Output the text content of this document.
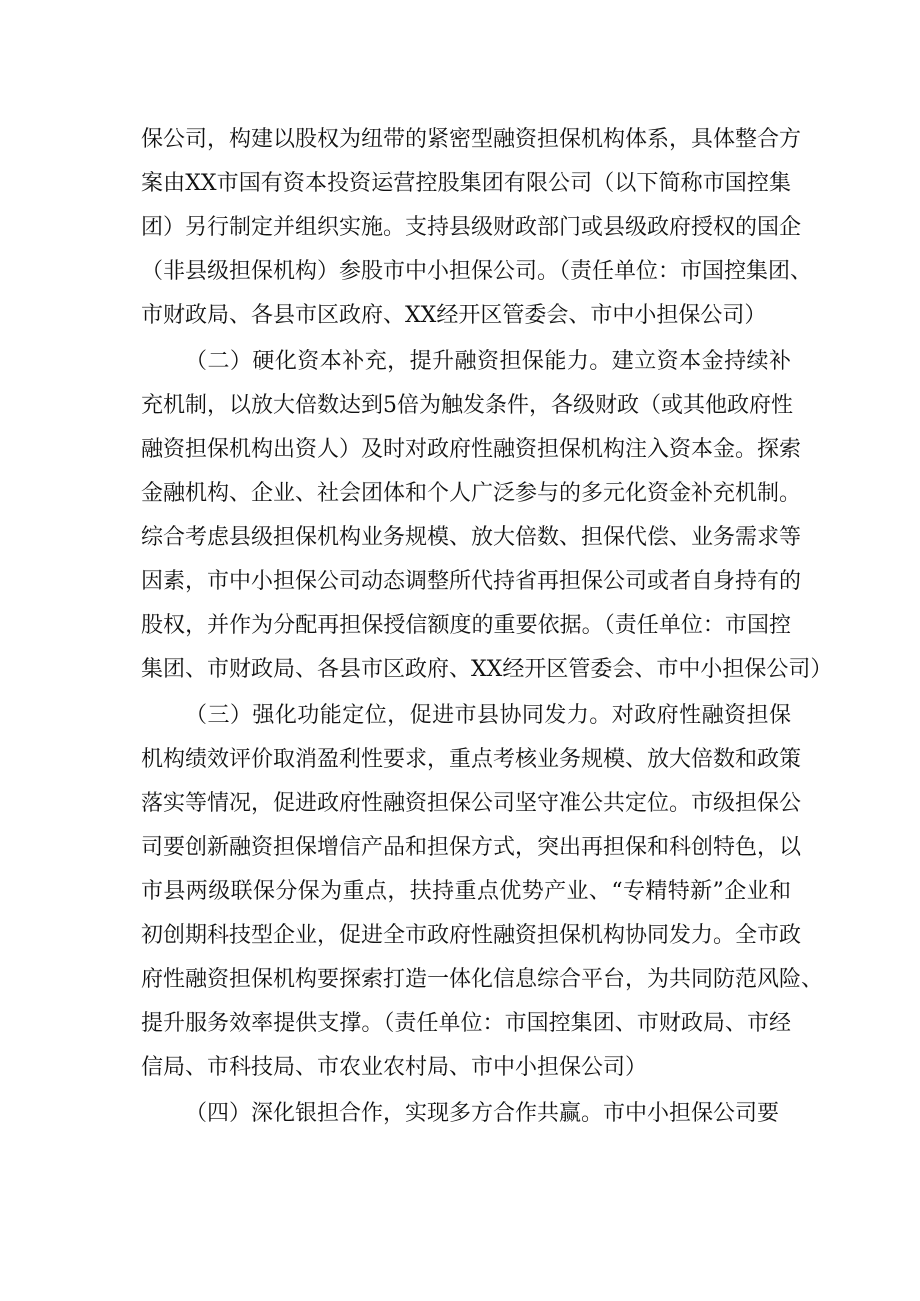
保公司，构建以股权为纽带的紧密型融资担保机构体系，具体整合方
案由XX市国有资本投资运营控股集团有限公司（以下简称市国控集
团）另行制定并组织实施。支持县级财政部门或县级政府授权的国企
（非县级担保机构）参股市中小担保公司。（责任单位：市国控集团、
市财政局、各县市区政府、XX经开区管委会、市中小担保公司）
（二）硬化资本补充，提升融资担保能力。建立资本金持续补
充机制，以放大倍数达到5倍为触发条件，各级财政（或其他政府性
融资担保机构出资人）及时对政府性融资担保机构注入资本金。探索
金融机构、企业、社会团体和个人广泛参与的多元化资金补充机制。
综合考虑县级担保机构业务规模、放大倍数、担保代偿、业务需求等
因素，市中小担保公司动态调整所代持省再担保公司或者自身持有的
股权，并作为分配再担保授信额度的重要依据。（责任单位：市国控
集团、市财政局、各县市区政府、XX经开区管委会、市中小担保公司）
（三）强化功能定位，促进市县协同发力。对政府性融资担保
机构绩效评价取消盈利性要求，重点考核业务规模、放大倍数和政策
落实等情况，促进政府性融资担保公司坚守准公共定位。市级担保公
司要创新融资担保增信产品和担保方式，突出再担保和科创特色，以
市县两级联保分保为重点，扶持重点优势产业、“专精特新”企业和
初创期科技型企业，促进全市政府性融资担保机构协同发力。全市政
府性融资担保机构要探索打造一体化信息综合平台，为共同防范风险、
提升服务效率提供支撑。（责任单位：市国控集团、市财政局、市经
信局、市科技局、市农业农村局、市中小担保公司）
（四）深化银担合作，实现多方合作共赢。市中小担保公司要
